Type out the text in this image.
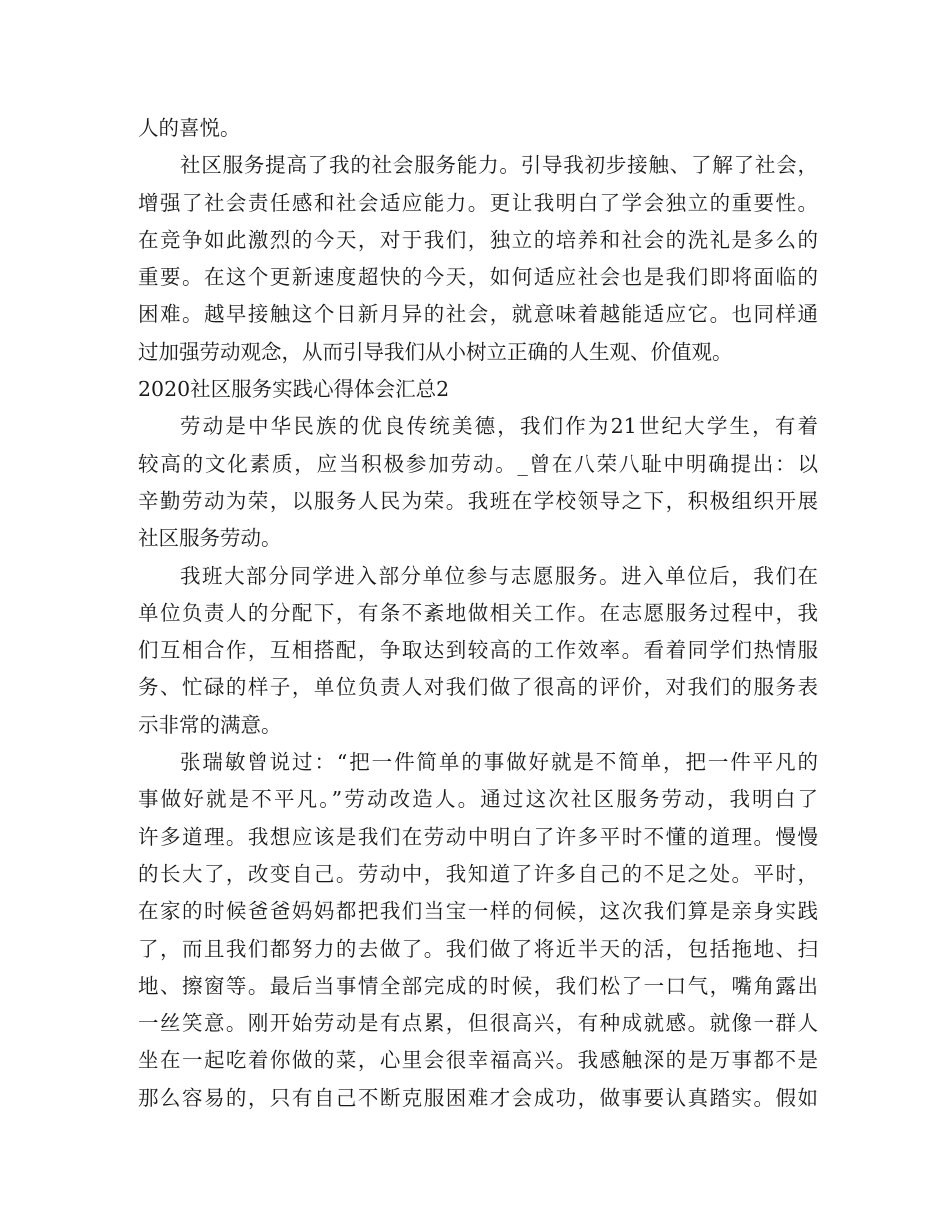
人的喜悦。
社区服务提高了我的社会服务能力。引导我初步接触、了解了社会，
增强了社会责任感和社会适应能力。更让我明白了学会独立的重要性。
在竞争如此激烈的今天，对于我们，独立的培养和社会的洗礼是多么的
重要。在这个更新速度超快的今天，如何适应社会也是我们即将面临的
困难。越早接触这个日新月异的社会，就意味着越能适应它。也同样通
过加强劳动观念，从而引导我们从小树立正确的人生观、价值观。
2020社区服务实践心得体会汇总2
劳动是中华民族的优良传统美德，我们作为21世纪大学生，有着
较高的文化素质，应当积极参加劳动。_曾在八荣八耻中明确提出：以
辛勤劳动为荣，以服务人民为荣。我班在学校领导之下，积极组织开展
社区服务劳动。
我班大部分同学进入部分单位参与志愿服务。进入单位后，我们在
单位负责人的分配下，有条不紊地做相关工作。在志愿服务过程中，我
们互相合作，互相搭配，争取达到较高的工作效率。看着同学们热情服
务、忙碌的样子，单位负责人对我们做了很高的评价，对我们的服务表
示非常的满意。
张瑞敏曾说过：“把一件简单的事做好就是不简单，把一件平凡的
事做好就是不平凡。”劳动改造人。通过这次社区服务劳动，我明白了
许多道理。我想应该是我们在劳动中明白了许多平时不懂的道理。慢慢
的长大了，改变自己。劳动中，我知道了许多自己的不足之处。平时，
在家的时候爸爸妈妈都把我们当宝一样的伺候，这次我们算是亲身实践
了，而且我们都努力的去做了。我们做了将近半天的活，包括拖地、扫
地、擦窗等。最后当事情全部完成的时候，我们松了一口气，嘴角露出
一丝笑意。刚开始劳动是有点累，但很高兴，有种成就感。就像一群人
坐在一起吃着你做的菜，心里会很幸福高兴。我感触深的是万事都不是
那么容易的，只有自己不断克服困难才会成功，做事要认真踏实。假如
